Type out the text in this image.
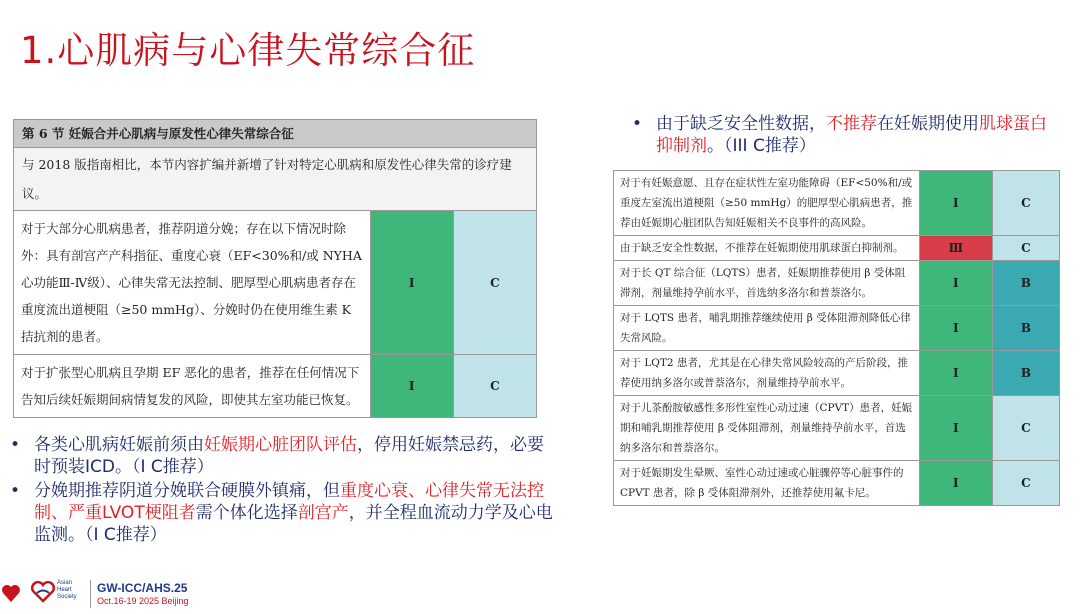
1.心肌病与心律失常综合征
第 6 节 妊娠合并心肌病与原发性心律失常综合征		
与 2018 版指南相比，本节内容扩编并新增了针对特定心肌病和原发性心律失常的诊疗建议。		
对于大部分心肌病患者，推荐阴道分娩；存在以下情况时除外：具有剖宫产产科指征、重度心衰（EF<30%和/或 NYHA 心功能Ⅲ-Ⅳ级）、心律失常无法控制、肥厚型心肌病患者存在重度流出道梗阻（≥50 mmHg）、分娩时仍在使用维生素 K 拮抗剂的患者。	I	C
对于扩张型心肌病且孕期 EF 恶化的患者，推荐在任何情况下告知后续妊娠期间病情复发的风险，即使其左室功能已恢复。	I	C
• 由于缺乏安全性数据，不推荐在妊娠期使用肌球蛋白抑制剂。（III C推荐）
对于有妊娠意愿、且存在症状性左室功能障碍（EF<50%和/或重度左室流出道梗阻（≥50 mmHg）的肥厚型心肌病患者，推荐由妊娠期心脏团队告知妊娠相关不良事件的高风险。	I	C
由于缺乏安全性数据，不推荐在妊娠期使用肌球蛋白抑制剂。	Ⅲ	C
对于长 QT 综合征（LQTS）患者，妊娠期推荐使用 β 受体阻滞剂，剂量维持孕前水平，首选纳多洛尔和普萘洛尔。	I	B
对于 LQTS 患者，哺乳期推荐继续使用 β 受体阻滞剂降低心律失常风险。	I	B
对于 LQT2 患者，尤其是在心律失常风险较高的产后阶段，推荐使用纳多洛尔或普萘洛尔，剂量维持孕前水平。	I	B
对于儿茶酚胺敏感性多形性室性心动过速（CPVT）患者，妊娠期和哺乳期推荐使用 β 受体阻滞剂，剂量维持孕前水平，首选纳多洛尔和普萘洛尔。	I	C
对于妊娠期发生晕厥、室性心动过速或心脏骤停等心脏事件的 CPVT 患者，除 β 受体阻滞剂外，还推荐使用氟卡尼。	I	C
• 各类心肌病妊娠前须由妊娠期心脏团队评估，停用妊娠禁忌药，必要时预装ICD。（I C推荐）
• 分娩期推荐阴道分娩联合硬膜外镇痛，但重度心衰、心律失常无法控制、严重LVOT梗阻者需个体化选择剖宫产，并全程血流动力学及心电监测。（I C推荐）
Asian Heart Society
GW-ICC/AHS.25
Oct.16-19 2025 Beijing
